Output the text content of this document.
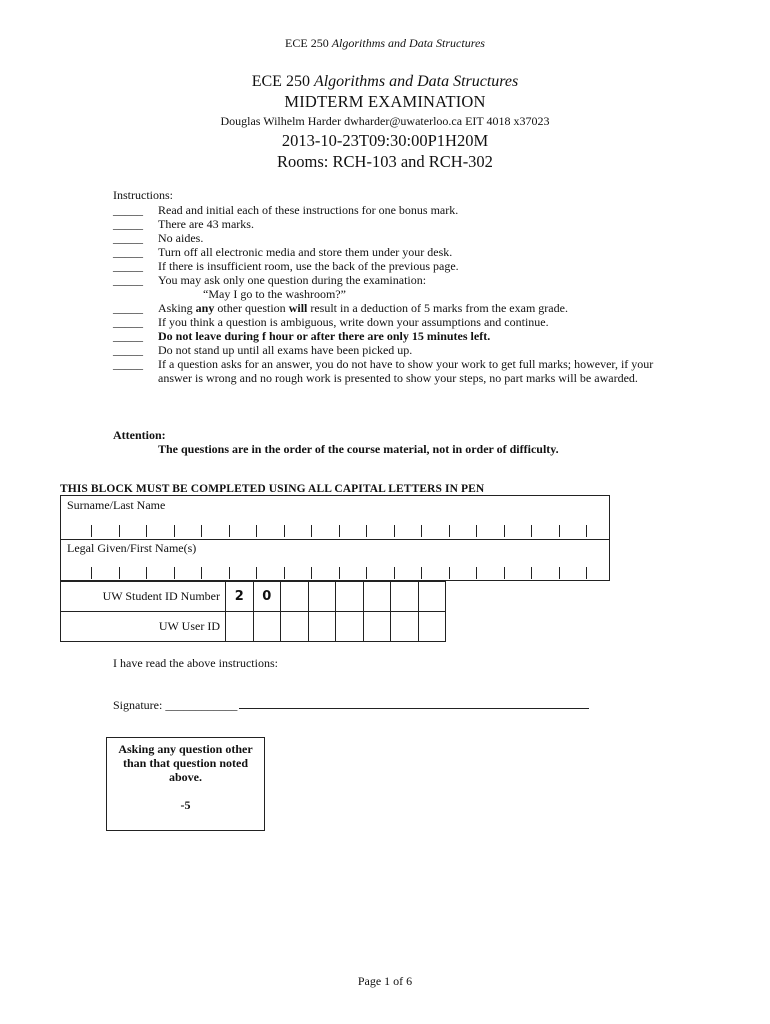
ECE 250 Algorithms and Data Structures
ECE 250 Algorithms and Data Structures
MIDTERM EXAMINATION
Douglas Wilhelm Harder dwharder@uwaterloo.ca EIT 4018 x37023
2013-10-23T09:30:00P1H20M
Rooms: RCH-103 and RCH-302
Instructions:
_____	Read and initial each of these instructions for one bonus mark.
_____	There are 43 marks.
_____	No aides.
_____	Turn off all electronic media and store them under your desk.
_____	If there is insufficient room, use the back of the previous page.
_____	You may ask only one question during the examination:
“May I go to the washroom?”
_____	Asking any other question will result in a deduction of 5 marks from the exam grade.
_____	If you think a question is ambiguous, write down your assumptions and continue.
_____	Do not leave during f hour or after there are only 15 minutes left.
_____	Do not stand up until all exams have been picked up.
_____	If a question asks for an answer, you do not have to show your work to get full marks; however, if your answer is wrong and no rough work is presented to show your steps, no part marks will be awarded.
Attention:
The questions are in the order of the course material, not in order of difficulty.
THIS BLOCK MUST BE COMPLETED USING ALL CAPITAL LETTERS IN PEN
Surname/Last Name
Legal Given/First Name(s)
UW Student ID Number	2	0						
UW User ID								
I have read the above instructions:
Signature: ____________
Asking any question other than that question noted above.
-5
Page 1 of 6
